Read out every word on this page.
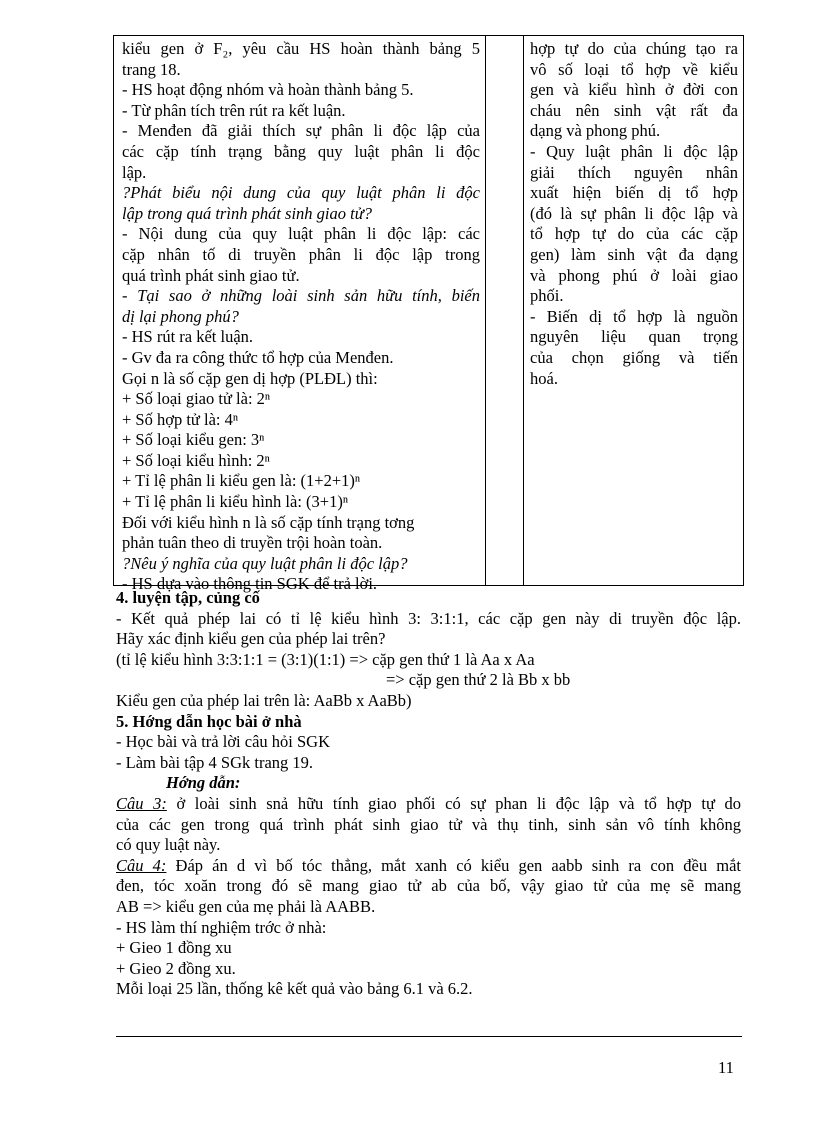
kiểu gen ở F₂, yêu cầu HS hoàn thành bảng 5
trang 18.
- HS hoạt động nhóm và hoàn thành bảng 5.
- Từ phân tích trên rút ra kết luận.
- Menđen đã giải thích sự phân li độc lập của
các cặp tính trạng bằng quy luật phân li độc
lập.
?Phát biểu nội dung của quy luật phân li độc
lập trong quá trình phát sinh giao tử?
- Nội dung của quy luật phân li độc lập: các
cặp nhân tố di truyền phân li độc lập trong
quá trình phát sinh giao tử.
- Tại sao ở những loài sinh sản hữu tính, biến
dị lại phong phú?
- HS rút ra kết luận.
- Gv đa ra công thức tổ hợp của Menđen.
Gọi n là số cặp gen dị hợp (PLĐL) thì:
+ Số loại giao tử là: 2ⁿ
+ Số hợp tử là: 4ⁿ
+ Số loại kiểu gen: 3ⁿ
+ Số loại kiểu hình: 2ⁿ
+ Tỉ lệ phân li kiểu gen là: (1+2+1)ⁿ
+ Tỉ lệ phân li kiểu hình là: (3+1)ⁿ
Đối với kiểu hình n là số cặp tính trạng tơng
phản tuân theo di truyền trội hoàn toàn.
?Nêu ý nghĩa của quy luật phân li độc lập?
- HS dựa vào thông tin SGK để trả lời.
hợp tự do của chúng tạo ra
vô số loại tổ hợp về kiểu
gen và kiểu hình ở đời con
cháu nên sinh vật rất đa
dạng và phong phú.
- Quy luật phân li độc lập
giải thích nguyên nhân
xuất hiện biến dị tổ hợp
(đó là sự phân li độc lập và
tổ hợp tự do của các cặp
gen) làm sinh vật đa dạng
và phong phú ở loài giao
phối.
- Biến dị tổ hợp là nguồn
nguyên liệu quan trọng
của chọn giống và tiến
hoá.
4. luyện tập, củng cố
- Kết quả phép lai có tỉ lệ kiểu hình 3: 3:1:1, các cặp gen này di truyền độc lập.
Hãy xác định kiểu gen của phép lai trên?
(tỉ lệ kiểu hình 3:3:1:1 = (3:1)(1:1) => cặp gen thứ 1 là Aa x Aa
=> cặp gen thứ 2 là Bb x bb
Kiểu gen của phép lai trên là: AaBb x AaBb)
5. Hớng dẫn học bài ở nhà
- Học bài và trả lời câu hỏi SGK
- Làm bài tập 4 SGk trang 19.
Hớng dẫn:
Câu 3: ở loài sinh snả hữu tính giao phối có sự phan li độc lập và tổ hợp tự do
của các gen trong quá trình phát sinh giao tử và thụ tinh, sinh sản vô tính không
có quy luật này.
Câu 4: Đáp án d vì bố tóc thẳng, mắt xanh có kiểu gen aabb sinh ra con đều mắt
đen, tóc xoăn trong đó sẽ mang giao tử ab của bố, vậy giao tử của mẹ sẽ mang
AB => kiểu gen của mẹ phải là AABB.
- HS làm thí nghiệm trớc ở nhà:
+ Gieo 1 đồng xu
+ Gieo 2 đồng xu.
Mỗi loại 25 lần, thống kê kết quả vào bảng 6.1 và 6.2.
11
